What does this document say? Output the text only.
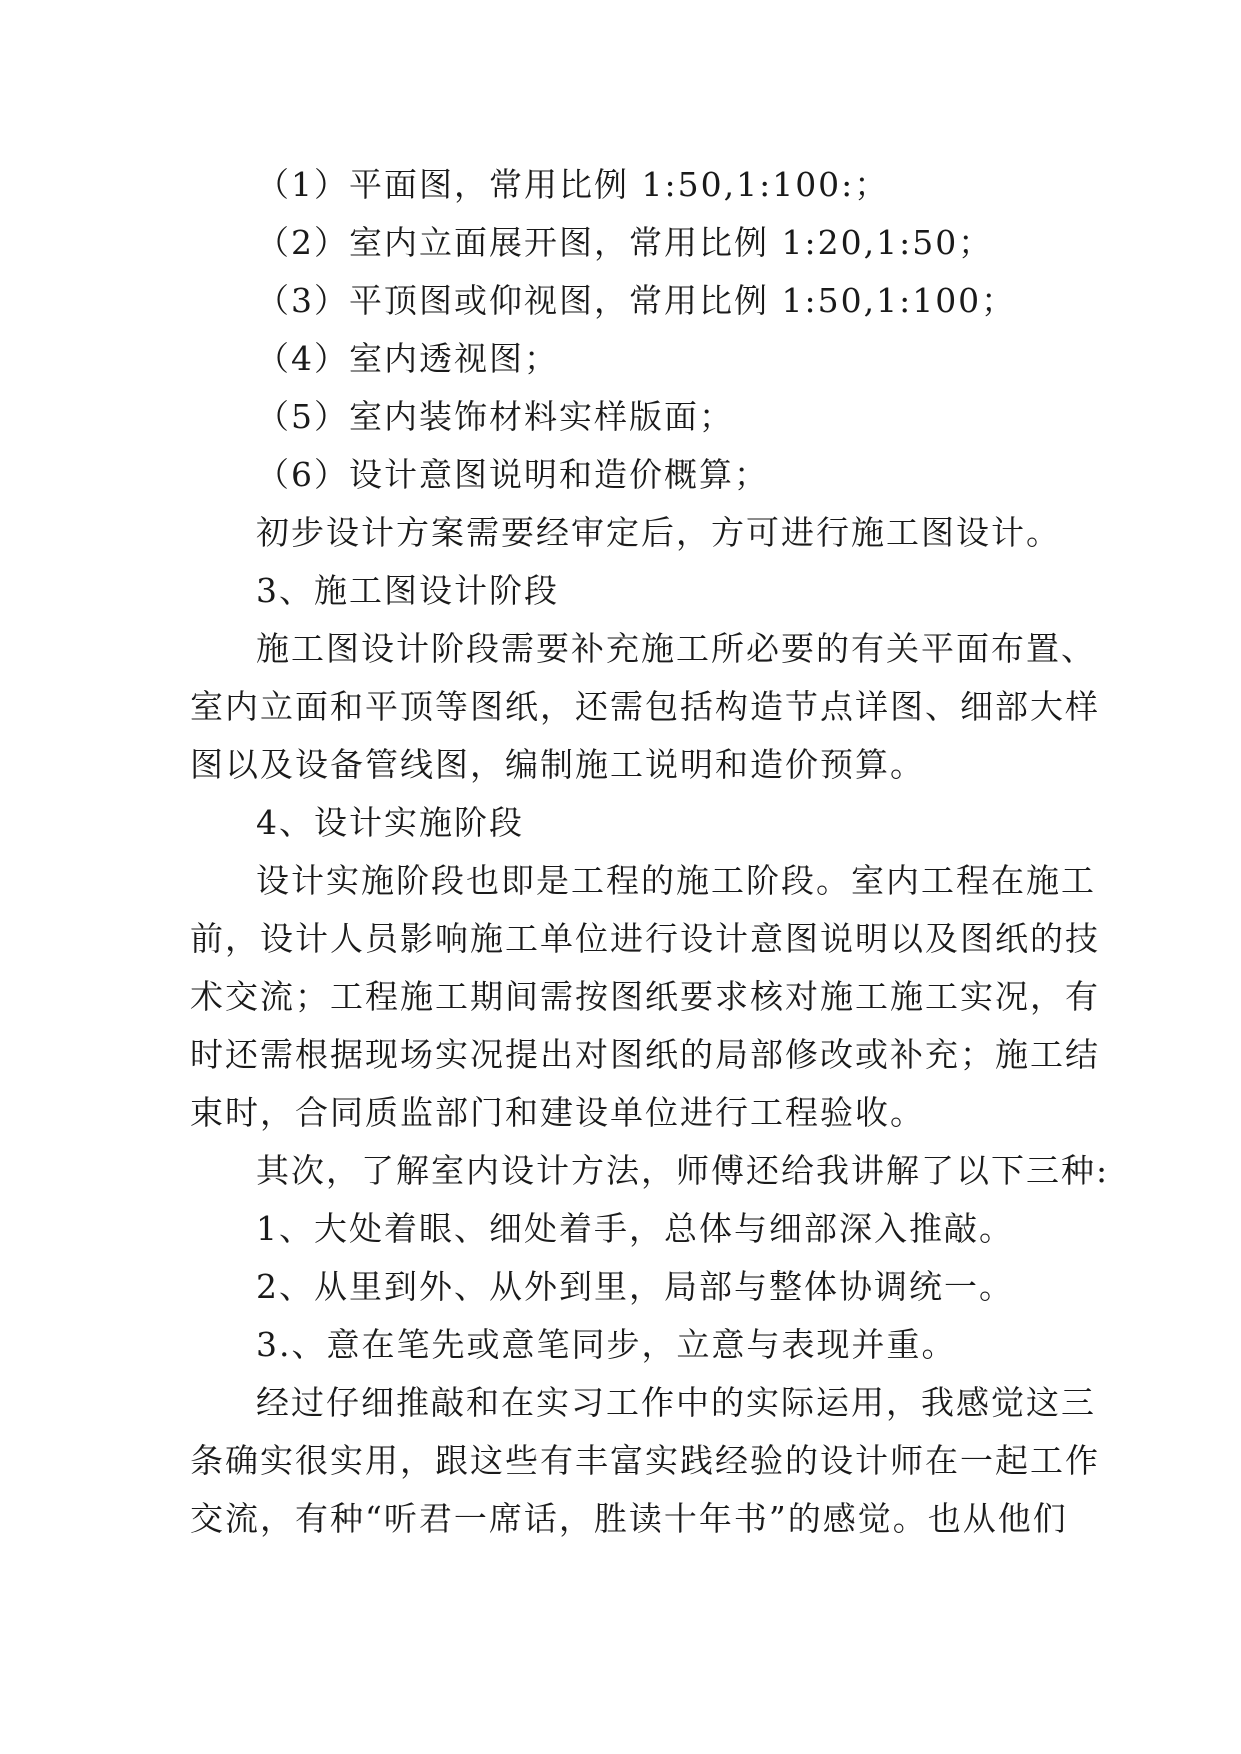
（1）平面图，常用比例 1:50,1:100:；
（2）室内立面展开图，常用比例 1:20,1:50；
（3）平顶图或仰视图，常用比例 1:50,1:100；
（4）室内透视图；
（5）室内装饰材料实样版面；
（6）设计意图说明和造价概算；
初步设计方案需要经审定后，方可进行施工图设计。
3、施工图设计阶段
施工图设计阶段需要补充施工所必要的有关平面布置、
室内立面和平顶等图纸，还需包括构造节点详图、细部大样
图以及设备管线图，编制施工说明和造价预算。
4、设计实施阶段
设计实施阶段也即是工程的施工阶段。室内工程在施工
前，设计人员影响施工单位进行设计意图说明以及图纸的技
术交流；工程施工期间需按图纸要求核对施工施工实况，有
时还需根据现场实况提出对图纸的局部修改或补充；施工结
束时，合同质监部门和建设单位进行工程验收。
其次，了解室内设计方法，师傅还给我讲解了以下三种:
1、大处着眼、细处着手，总体与细部深入推敲。
2、从里到外、从外到里，局部与整体协调统一。
3.、意在笔先或意笔同步，立意与表现并重。
经过仔细推敲和在实习工作中的实际运用，我感觉这三
条确实很实用，跟这些有丰富实践经验的设计师在一起工作
交流，有种“听君一席话，胜读十年书”的感觉。也从他们
